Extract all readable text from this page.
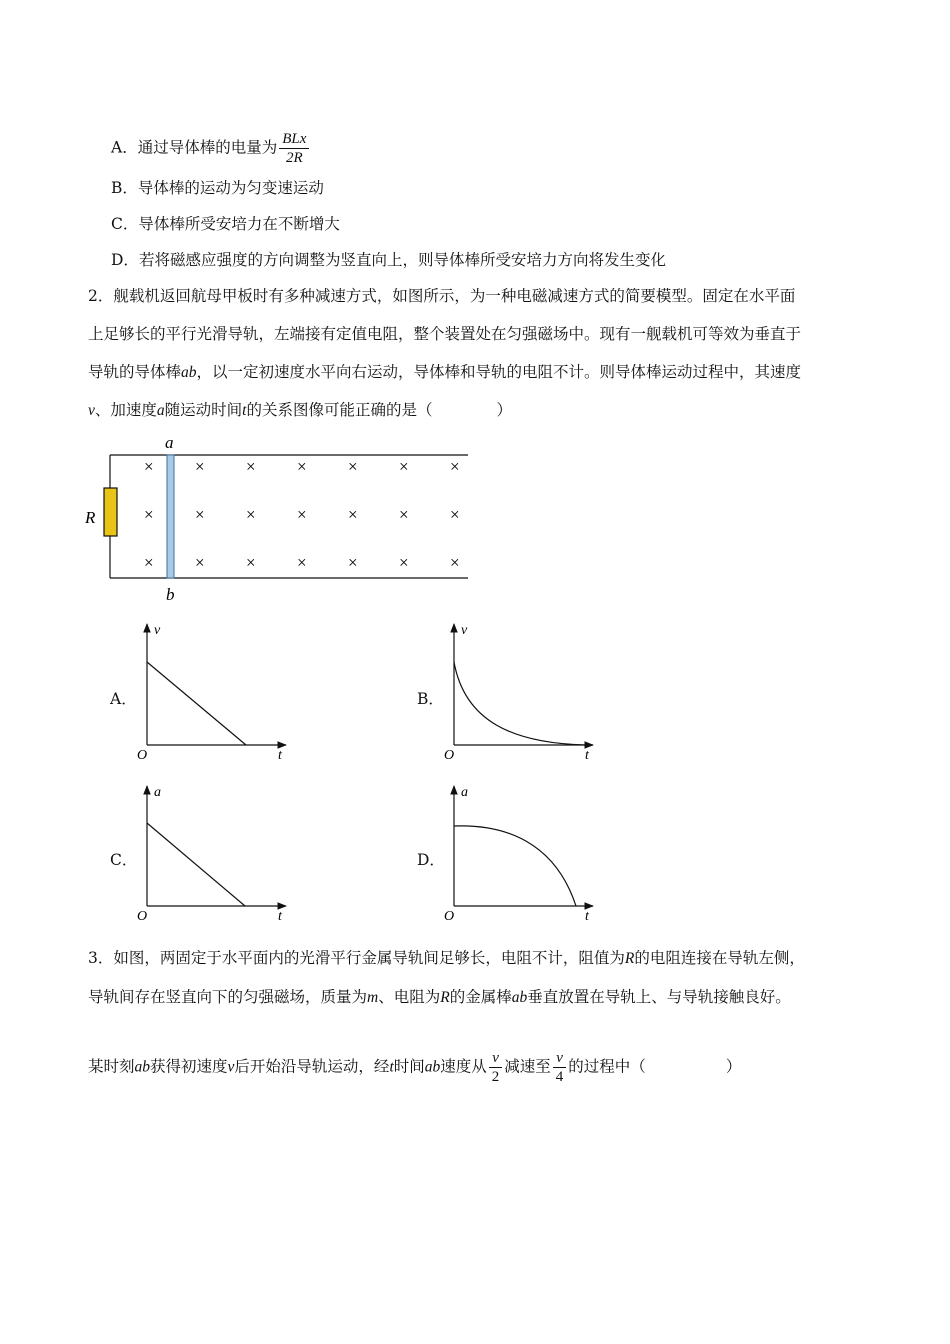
A．通过导体棒的电量为 $\frac{\text{BLx}}{2R}$
B．导体棒的运动为匀变速运动
C．导体棒所受安培力在不断增大
D．若将磁感应强度的方向调整为竖直向上，则导体棒所受安培力方向将发生变化
2．舰载机返回航母甲板时有多种减速方式，如图所示，为一种电磁减速方式的简要模型。固定在水平面
上足够长的平行光滑导轨，左端接有定值电阻，整个装置处在匀强磁场中。现有一舰载机可等效为垂直于
导轨的导体棒ab，以一定初速度水平向右运动，导体棒和导轨的电阻不计。则导体棒运动过程中，其速度
v、加速度a随运动时间t的关系图像可能正确的是（	）
R
a
b
× × × × × × ×
× × × × × × ×
× × × × × × ×
A．
v
t
O
B．
v
t
O
C．
a
t
O
D．
a
t
O
3．如图，两固定于水平面内的光滑平行金属导轨间足够长，电阻不计，阻值为R的电阻连接在导轨左侧，
导轨间存在竖直向下的匀强磁场，质量为m、电阻为R的金属棒ab垂直放置在导轨上、与导轨接触良好。
某时刻ab获得初速度v后开始沿导轨运动，经t时间ab速度从 $\frac{v}{2}$ 减速至 $\frac{v}{4}$ 的过程中（	）
